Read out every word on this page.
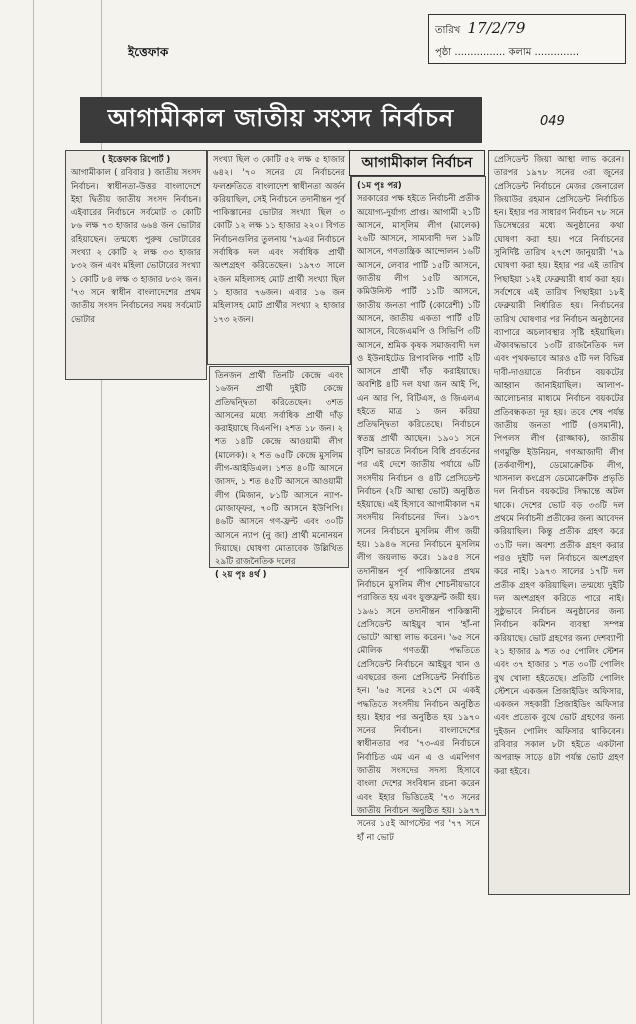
তারিখ 17/2/79
পৃষ্ঠা ................ কলাম ..............
ইত্তেফাক
আগামীকাল জাতীয় সংসদ নির্বাচন	049

( ইত্তেফাক রিপোর্ট )

আগামীকাল ( রবিবার ) জাতীয় সংসদ নির্বাচন। স্বাধীনতা-উত্তর বাংলাদেশে ইহা দ্বিতীয় জাতীয় সংসদ নির্বাচন। এইবারের নির্বাচনে সর্বমোট ৩ কোটি ৮৬ লক্ষ ৭৩ হাজার ৬৬৪ জন ভোটার রহিয়াছেন। তন্মধ্যে পুরুষ ভোটারের সংখ্যা ২ কোটি ২ লক্ষ ৩৩ হাজার ৮৩২ জন এবং মহিলা ভোটারের সংখ্যা ১ কোটি ৮৪ লক্ষ ৩ হাজার ৮৩২ জন। '৭৩ সনে স্বাধীন বাংলাদেশের প্রথম জাতীয় সংসদ নির্বাচনের সময় সর্বমোট ভোটার

সংখ্যা ছিল ৩ কোটি ৫২ লক্ষ ৫ হাজার ৬৪২। '৭০ সনের যে নির্বাচনের ফলশ্রুতিতে বাংলাদেশ স্বাধীনতা অর্জন করিয়াছিল, সেই নির্বাচনে তদানীন্তন পূর্ব পাকিস্তানের ভোটার সংখ্যা ছিল ৩ কোটি ১২ লক্ষ ১১ হাজার ২২০। বিগত নির্বাচনগুলির তুলনায় '৭৯এর নির্বাচনে সর্বাধিক দল এবং সর্বাধিক প্রার্থী অংশগ্রহণ করিতেছেন। ১৯৭৩ সালে ২জন মহিলাসহ মোট প্রার্থী সংখ্যা ছিল ১ হাজার ৭৬জন। এবার ১৬ জন মহিলাসহ মোট প্রার্থীর সংখ্যা ২ হাজার ১৭৩ ২জন।

তিনজন প্রার্থী তিনটি কেন্দ্রে এবং ১৬জন প্রার্থী দুইটি কেন্দ্রে প্রতিদ্বন্দ্বিতা করিতেছেন। ৩শত আসনের মধ্যে সর্বাধিক প্রার্থী দাঁড় করাইয়াছে বিএনপি। ২শত ১৮ জন। ২ শত ১৪টি কেন্দ্রে আওয়ামী লীগ (মালেক)। ২ শত ৬৫টি কেন্দ্রে মুসলিম লীগ-আইডিএল। ১শত ৪০টি আসনে জাসদ, ১ শত ৪৫টি আসনে আওয়ামী লীগ (মিজান, ৮১টি আসনে ন্যাপ-মোজাফ্ফর, ৭০টি আসনে ইউপিপি। ৪৬টি আসনে গণ-ফ্রন্ট এবং ৩০টি আসনে ন্যাপ (নু জা) প্রার্থী মনোনয়ন দিয়াছে। ঘোষণা মোতাবেক উল্লিখিত ২৯টি রাজনৈতিক দলের

( ২য় পৃঃ ৪র্থ )

আগামীকাল নির্বাচন

(১ম পৃঃ পর)

সরকারের পক্ষ হইতে নির্বাচনী প্রতীক অযোগ্য-দুর্যাগ্য প্রাপ্ত। আগামী ২১টি আসনে, মাস্‌লিম লীগ (মালেক) ২৬টি আসনে, সাম্যবাদী দল ১৯টি আসনে, গণতান্ত্রিক আন্দোলন ১৬টি আসনে, লেবার পার্টি ১৫টি আসনে, জাতীয় লীগ ১৫টি আসনে, কমিউনিস্ট পার্টি ১১টি আসনে, জাতীয় জনতা পার্টি (কোরেশী) ১টি আসনে, জাতীয় একতা পার্টি ৫টি আসনে, বিজেএমপি ও সিভিপি ৩টি আসনে, শ্রমিক কৃষক সমাজবাদী দল ও ইউনাইটেড রিপাবলিক পার্টি ২টি আসনে প্রার্থী দাঁড় করাইয়াছে। অবশিষ্ট ৪টি দল যথা জন আই পি, এন আর পি, বিটিএস, ও জিএলএ হইতে মাত্র ১ জন করিয়া প্রতিদ্বন্দ্বিতা করিতেছে। নির্বাচনে স্বতন্ত্র প্রার্থী আছেন। ১৯০১ সনে বৃটিশ ভারতে নির্বাচন বিধি প্রবর্তনের পর এই দেশে জাতীয় পর্যায়ে ৬টি সংসদীয় নির্বাচন ও ৪টি প্রেসিডেন্ট নির্বাচন (২টি আস্থা ভোট) অনুষ্ঠিত হইয়াছে। এই হিসাবে আগামীকাল ৭ম সংসদীয় নির্বাচনের দিন। ১৯৩৭ সনের নির্বাচনে মুসলিম লীগ জয়ী হয়। ১৯৪৬ সনের নির্বাচনে মুসলিম লীগ জয়লাভ করে। ১৯৫৪ সনে তদানীন্তন পূর্ব পাকিস্তানের প্রথম নির্বাচনে মুসলিম লীগ শোচনীয়ভাবে পরাজিত হয় এবং যুক্তফ্রন্ট জয়ী হয়। ১৯৬১ সনে তদানীন্তন পাকিস্তানী প্রেসিডেন্ট আইয়ুব খান 'হাঁ-না ভোটে' আস্থা লাভ করেন। '৬৫ সনে মৌলিক গণতন্ত্রী পদ্ধতিতে প্রেসিডেন্ট নির্বাচনে আইয়ুব খান ও এবছরের জন্য প্রেসিডেন্ট নির্বাচিত হন। '৬৫ সনের ২১শে মে একই পদ্ধতিতে সংসদীয় নির্বাচন অনুষ্ঠিত হয়। ইহার পর অনুষ্ঠিত হয় ১৯৭০ সনের নির্বাচন। বাংলাদেশের স্বাধীনতার পর '৭৩-এর নির্বাচনে নির্বাচিত এম এন এ ও এমপিগণ জাতীয় সংসদের সদস্য হিসাবে বাংলা দেশের সংবিধান রচনা করেন এবং ইহার ভিত্তিতেই '৭৩ সনের জাতীয় নির্বাচন অনুষ্ঠিত হয়। ১৯৭৭ সনের ১৫ই আগস্টের পর '৭৭ সনে হাঁ না ভোট

প্রেসিডেন্ট জিয়া আস্থা লাভ করেন। তারপর ১৯৭৮ সনের ৩রা জুনের প্রেসিডেন্ট নির্বাচনে মেজর জেনারেল জিয়াউর রহমান প্রেসিডেন্ট নির্বাচিত হন। ইহার পর সাধারণ নির্বাচন ৭৮ সনে ডিসেম্বরের মধ্যে অনুষ্ঠানের কথা ঘোষণা করা হয়। পরে নির্বাচনের সুনির্দিষ্ট তারিখ ২৭শে জানুয়ারী '৭৯ ঘোষণা করা হয়। ইহার পর এই তারিখ পিছাইয়া ১২ই ফেব্রুয়ারী ধার্য করা হয়। সর্বশেষে এই তারিখ পিছাইয়া ১৮ই ফেব্রুয়ারী নির্ধারিত হয়। নির্বাচনের তারিখ ঘোষণার পর নির্বাচন অনুষ্ঠানের ব্যাপারে অচলাবস্থার সৃষ্টি হইয়াছিল। ঐকাবদ্ধভাবে ১৩টি রাজনৈতিক দল এবং পৃথকভাবে আরও ৫টি দল বিভিন্ন দাবী-দাওয়াতে নির্বাচন বয়কটের আহ্বান জানাইয়াছিল। আলাপ-আলোচনার মাধ্যমে নির্বাচন বয়কটের প্রতিবন্ধকতা দূর হয়। তবে শেষ পর্যন্ত জাতীয় জনতা পার্টি (ওসমানী), পিপলস লীগ (রাজ্জাক), জাতীয় গণমুক্তি ইউনিয়ন, গণআজাদী লীগ (তর্কবাগীশ), ডেমোক্রেটিক লীগ, খাসনাল কংগ্রেস ডেমোক্রেটিক প্রভৃতি দল নির্বাচন বয়কটের সিদ্ধান্তে অটল থাকে। দেশের ভোট বড় ৩৩টি দল প্রথমে নির্বাচনী প্রতীকের জন্য আবেদন করিয়াছিল। কিন্তু প্রতীক গ্রহণ করে ৩১টি দল। অবশ্য প্রতীক গ্রহণ করার পরও দুইটি দল নির্বাচনে অংশগ্রহণ করে নাই। ১৯৭৩ সালের ১৭টি দল প্রতীক গ্রহণ করিয়াছিল। তন্মধ্যে দুইটি দল অংশগ্রহণ করিতে পারে নাই। সুষ্ঠুভাবে নির্বাচন অনুষ্ঠানের জন্য নির্বাচন কমিশন ব্যবস্থা সম্পন্ন করিয়াছে। ভোট গ্রহণের জন্য দেশব্যাপী ২১ হাজার ৯ শত ৩৫ পোলিং স্টেশন এবং ৩৭ হাজার ১ শত ৩০টি পোলিং বুথ খোলা হইতেছে। প্রতিটি পোলিং স্টেশনে একজন প্রিজাইডিং অফিসার, একজন সহকারী প্রিজাইডিং অফিসার এবং প্রত্যেক বুথে ভোট গ্রহণের জন্য দুইজন পোলিং অফিসার থাকিবেন। রবিবার সকাল ৮টা হইতে একটানা অপরাহ্ন সাড়ে ৪টা পর্যন্ত ভোট গ্রহণ করা হইবে।
